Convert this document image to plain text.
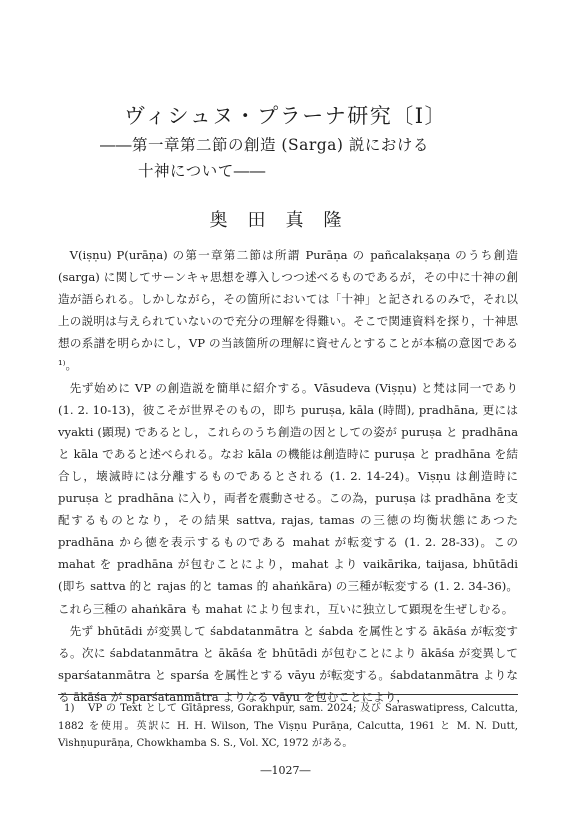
ヴィシュヌ・プラーナ研究〔Ⅰ〕
――第一章第二節の創造 (Sarga) 説における
十神について――
奥田真隆

V(iṣṇu) P(urāṇa) の第一章第二節は所謂 Purāṇa の pañcalakṣaṇa のうち創造 (sarga) に関してサーンキャ思想を導入しつつ述べるものであるが，その中に十神の創造が語られる。しかしながら，その箇所においては「十神」と記されるのみで，それ以上の説明は与えられていないので充分の理解を得難い。そこで関連資料を探り，十神思想の系譜を明らかにし，VP の当該箇所の理解に資せんとすることが本稿の意図である¹⁾。

先ず始めに VP の創造説を簡単に紹介する。Vāsudeva (Viṣṇu) と梵は同一であり (1. 2. 10-13)，彼こそが世界そのもの，即ち puruṣa, kāla (時間), pradhāna, 更には vyakti (顕現) であるとし，これらのうち創造の因としての姿が puruṣa と pradhāna と kāla であると述べられる。なお kāla の機能は創造時に puruṣa と pradhāna を結合し，壊滅時には分離するものであるとされる (1. 2. 14-24)。Viṣṇu は創造時に puruṣa と pradhāna に入り，両者を震動させる。この為，puruṣa は pradhāna を支配するものとなり，その結果 sattva, rajas, tamas の三徳の均衡状態にあつた pradhāna から徳を表示するものである mahat が転変する (1. 2. 28-33)。この mahat を pradhāna が包むことにより，mahat より vaikārika, taijasa, bhūtādi (即ち sattva 的と rajas 的と tamas 的 ahaṅkāra) の三種が転変する (1. 2. 34-36)。これら三種の ahaṅkāra も mahat により包まれ，互いに独立して顕現を生ぜしむる。

先ず bhūtādi が変異して śabdatanmātra と śabda を属性とする ākāśa が転変する。次に śabdatanmātra と ākāśa を bhūtādi が包むことにより ākāśa が変異して sparśatanmātra と sparśa を属性とする vāyu が転変する。śabdatanmātra よりなる ākāśa が sparśatanmātra よりなる vāyu を包むことにより，

1) VP の Text として Gītāpress, Gorakhpur, sam. 2024; 及び Saraswatipress, Calcutta, 1882 を使用。英訳に H. H. Wilson, The Viṣṇu Purāṇa, Calcutta, 1961 と M. N. Dutt, Vishṇupurāṇa, Chowkhamba S. S., Vol. XC, 1972 がある。
―1027―
